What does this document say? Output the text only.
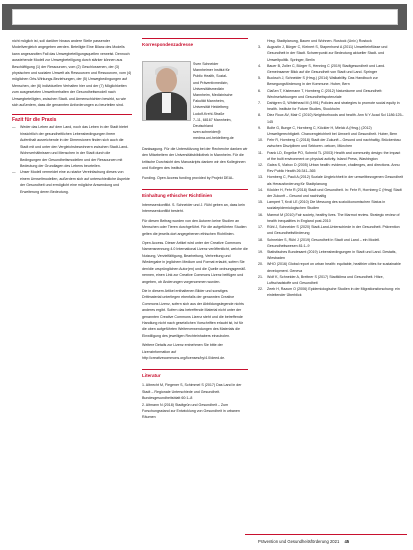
nicht möglich ist, soll darüber hinaus andere Stelle passender Modellvergleich angegeben werden. Beteiligte Eine Bilanz des Modells kann angesandten Fall das Umwegbeteiligungsquellen verweist. Dennoch ausstehende Modell zur Umwegbeteiligung durch stärker können aus Beschäftigung (1) der Ressourcen, vom (2) Geschlossenen, der (3) physischen und sozialen Umwelt als Ressourcen und Ressourcen, vom (4) möglichen Orts-Wirkungs-Beziehungen, der (5) Umwegbedingungen auf Menschen, der (6) individuellen Verhalten hier und der (7) Möglichkeiten zum ausgesetzten Umweltverhalten der Gesundheitsmodell nach Umwegbeteiligten, zwischen Stadt- und Armenschichten bewirkt, so wie sich außerdem, dass die genannten Anforderungen zu beurteilen sind.

Fazit für die Praxis
— Weder das Leben auf dem Land, noch das Leben in der Stadt bietet hinsichtlich der gesundheitlichen Lebensbedingungen ihrem Aufenthalt ausreichende in der Dimensionen finden sich auch die Stadt mit und unter den Vergleichsbewohnern zwischen Stadt-Land-Wohnverhältnissen und Menschen in der Stadt durch die Bedingungen der Gesundheitsmodellen und der Ressourcen mit Bedeutung der Grundlagen des Lebens beurteilen.
— Unser Modell vermeidet eine zu starke Vereinfachung dieses von einem Umweltmodellen, außerdem sich auf unterschiedliche Aspekte der Gesundheit und ermöglicht eine mögliche Anwendung und Erweiterung deren Bedeutung.
Korrespondenzadresse
Sven Schneider
Mannheimer Institut für
Public Health, Sozial-
und Präventivmedizin,
Universitätsmedizin
Mannheim, Medizinische
Fakultät Mannheim,
Universität Heidelberg
Ludolf-Krehl-Straße
7–11, 68167 Mannheim,
Deutschland
sven.schneider@
medma.uni-heidelberg.de

Danksagung. Für die Unterstützung bei der Recherche danken wir den Mitarbeitern der Universitätsbibliothek in Mannheim. Für die kritische Durchsicht des Manuskripts danken wir den Kolleginnen und Kollegen des Instituts.

Funding. Open Access funding provided by Projekt DEAL.

Einhaltung ethischer Richtlinien

Interessenkonflikt. S. Schneider und J. Rühl geben an, dass kein Interessenkonflikt besteht.

Für diesen Beitrag wurden von den Autoren keine Studien an Menschen oder Tieren durchgeführt. Für die aufgeführten Studien gelten die jeweils dort angegebenen ethischen Richtlinien.

Open Access. Dieser Artikel wird unter der Creative Commons Namensnennung 4.0 International Lizenz veröffentlicht, welche die Nutzung, Vervielfältigung, Bearbeitung, Verbreitung und Wiedergabe in jeglichem Medium und Format erlaubt, sofern Sie den/die ursprünglichen Autor(en) und die Quelle ordnungsgemäß nennen, einen Link zur Creative Commons Lizenz beifügen und angeben, ob Änderungen vorgenommen wurden.

Die in diesem Artikel enthaltenen Bilder und sonstiges Drittmaterial unterliegen ebenfalls der genannten Creative Commons Lizenz, sofern sich aus der Abbildungslegende nichts anderes ergibt. Sofern das betreffende Material nicht unter der genannten Creative Commons Lizenz steht und die betreffende Handlung nicht nach gesetzlichen Vorschriften erlaubt ist, ist für die oben aufgeführten Weiterverwendungen des Materials die Einwilligung des jeweiligen Rechteinhabers einzuholen.

Weitere Details zur Lizenz entnehmen Sie bitte der Lizenzinformation auf http://creativecommons.org/licenses/by/4.0/deed.de.

Literatur

1. Albrecht M, Fiegener S, Schimmel S (2017) Das Land in der Stadt – Regionale Unterschiede und Gesundheit. Bundesgesundheitsblatt 60:1–8

2. Altmann N (2018) Stadtgrün und Gesundheit – Zum Forschungsstand zur Entwicklung von Gesundheit in urbanen Räumen

Hrsg. Stadtplanung, Bauen und Wohnen. Rostock (Univ.) Rostock
3.	Augustin J, Bürger C, Kleinert S, Stapenhorst A (2011) Umwelteinflüsse und Gesundheit in der Stadt. Schwerpunkt zur Bedeutung aktueller Stadt- und Umweltpolitik. Springer, Berlin
4.	Bauer B, Zoller C, Bürger S, Henning C (2019) Stadtgesundheit und Land. Gemeinsamer Blick auf die Gesundheit von Stadt und Land. Springer
5.	Bucksch J, Schneider S (Hrsg.) (2014) Walkability. Das Handbuch zur Bewegungsförderung in der Kommune. Huber, Bern
6.	Claßen T, Kistemann T, Hornberg C (2012) Naturräume und Gesundheit: Wechselwirkungen und Gesundheitspotenziale
7.	Dahlgren G, Whitehead M (1991) Policies and strategies to promote social equity in health. Institute for Future Studies, Stockholm
8.	Diez Roux AV, Mair C (2010) Neighborhoods and health. Ann N Y Acad Sci 1186:125–145
9.	Bolte G, Bunge C, Hornberg C, Köckler H, Mielck A (Hrsg.) (2012) Umweltgerechtigkeit. Chancengleichheit bei Umwelt und Gesundheit. Huber, Bern
10.	Fehr R, Hornberg C (2018) Stadt der Zukunft – Gesund und nachhaltig. Brückenbau zwischen Disziplinen und Sektoren. oekom, München
11.	Frank LD, Engelke PO, Schmid TL (2003) Health and community design: the impact of the built environment on physical activity. Island Press, Washington
12.	Galea S, Vlahov D (2005) Urban health: evidence, challenges, and directions. Annu Rev Public Health 26:341–365
13.	Hornberg C, Pauli A (2012) Soziale Ungleichheit in der umweltbezogenen Gesundheit als Herausforderung für Stadtplanung
14.	Köckler H, Fehr R (2018) Stadt und Gesundheit. In: Fehr R, Hornberg C (Hrsg) Stadt der Zukunft – Gesund und nachhaltig
15.	Lampert T, Kroll LE (2010) Die Messung des sozioökonomischen Status in sozialepidemiologischen Studien
16.	Marmot M (2010) Fair society, healthy lives. The Marmot review. Strategic review of health inequalities in England post-2010
17.	Rühl J, Schneider S (2020) Stadt-Land-Unterschiede in der Gesundheit. Prävention und Gesundheitsförderung
18.	Schneider S, Rühl J (2019) Gesundheit in Stadt und Land – ein Modell. Gesundheitswesen 81:1–9
19.	Statistisches Bundesamt (2019) Lebensbedingungen in Stadt und Land. Destatis, Wiesbaden
20.	WHO (2016) Global report on urban health: equitable, healthier cities for sustainable development. Geneva
21.	Wolf K, Schneider A, Breitner S (2017) Stadtklima und Gesundheit. Hitze, Luftschadstoffe und Gesundheit
22.	Zeeb H, Razum O (2006) Epidemiologische Studien in der Migrationsforschung: ein einleitender Überblick
Prävention und Gesundheitsförderung 2021 45
